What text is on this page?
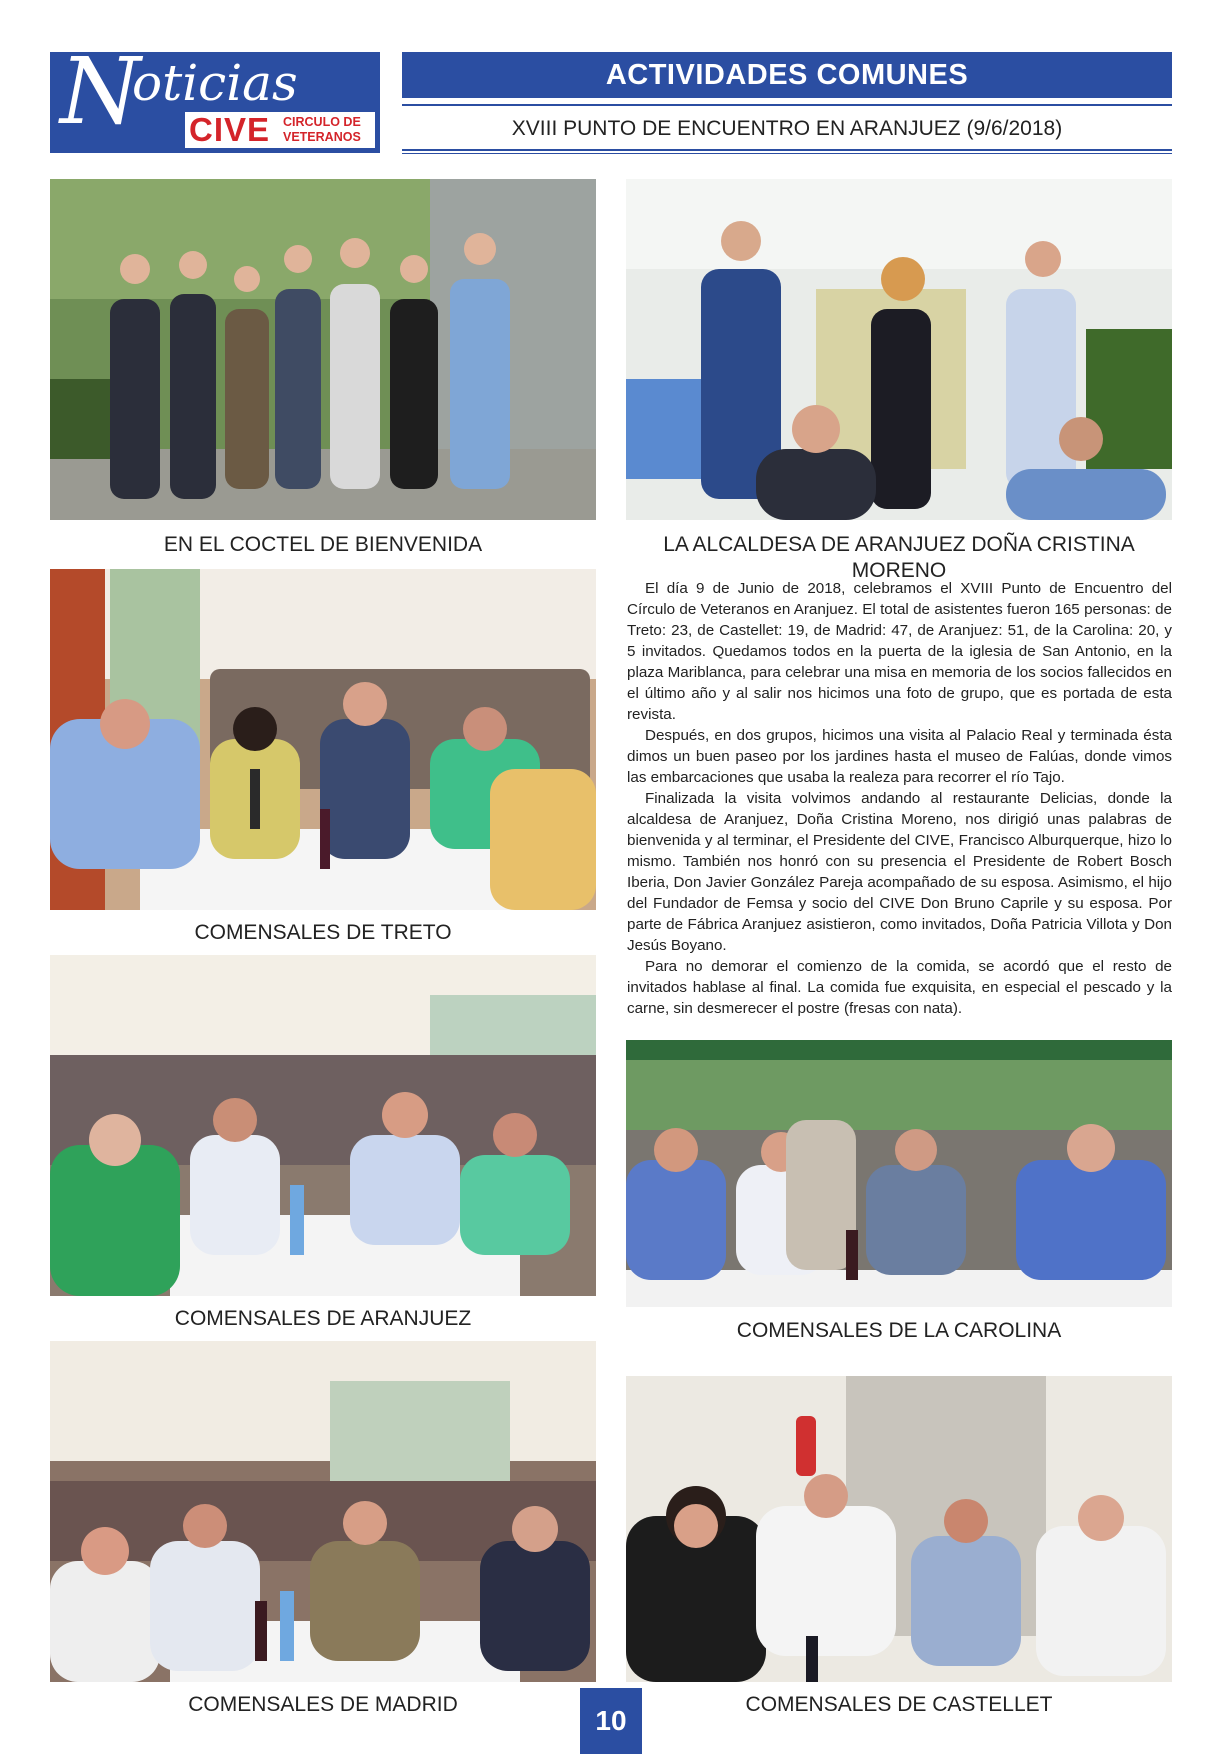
N
oticias
CIVE CIRCULO DE
VETERANOS
ACTIVIDADES COMUNES
XVIII PUNTO DE ENCUENTRO EN ARANJUEZ (9/6/2018)
EN EL COCTEL DE BIENVENIDA	LA ALCALDESA DE ARANJUEZ DOÑA CRISTINA MORENO
COMENSALES DE TRETO

El día 9 de Junio de 2018, celebramos el XVIII Punto de Encuentro del Círculo de Veteranos en Aranjuez. El total de asistentes fueron 165 personas: de Treto: 23, de Castellet: 19, de Madrid: 47, de Aranjuez: 51, de la Carolina: 20, y 5 invitados. Quedamos todos en la puerta de la iglesia de San Antonio, en la plaza Mariblanca, para celebrar una misa en memoria de los socios fallecidos en el último año y al salir nos hicimos una foto de grupo, que es portada de esta revista.

Después, en dos grupos, hicimos una visita al Palacio Real y terminada ésta dimos un buen paseo por los jardines hasta el museo de Falúas, donde vimos las embarcaciones que usaba la realeza para recorrer el río Tajo.

Finalizada la visita volvimos andando al restaurante Delicias, donde la alcaldesa de Aranjuez, Doña Cristina Moreno, nos dirigió unas palabras de bienvenida y al terminar, el Presidente del CIVE, Francisco Alburquerque, hizo lo mismo. También nos honró con su presencia el Presidente de Robert Bosch Iberia, Don Javier González Pareja acompañado de su esposa. Asimismo, el hijo del Fundador de Femsa y socio del CIVE Don Bruno Caprile y su esposa. Por parte de Fábrica Aranjuez asistieron, como invitados, Doña Patricia Villota y Don Jesús Boyano.

Para no demorar el comienzo de la comida, se acordó que el resto de invitados hablase al final. La comida fue exquisita, en especial el pescado y la carne, sin desmerecer el postre (fresas con nata).

COMENSALES DE ARANJUEZ
COMENSALES DE LA CAROLINA
COMENSALES DE MADRID	COMENSALES DE CASTELLET
10
